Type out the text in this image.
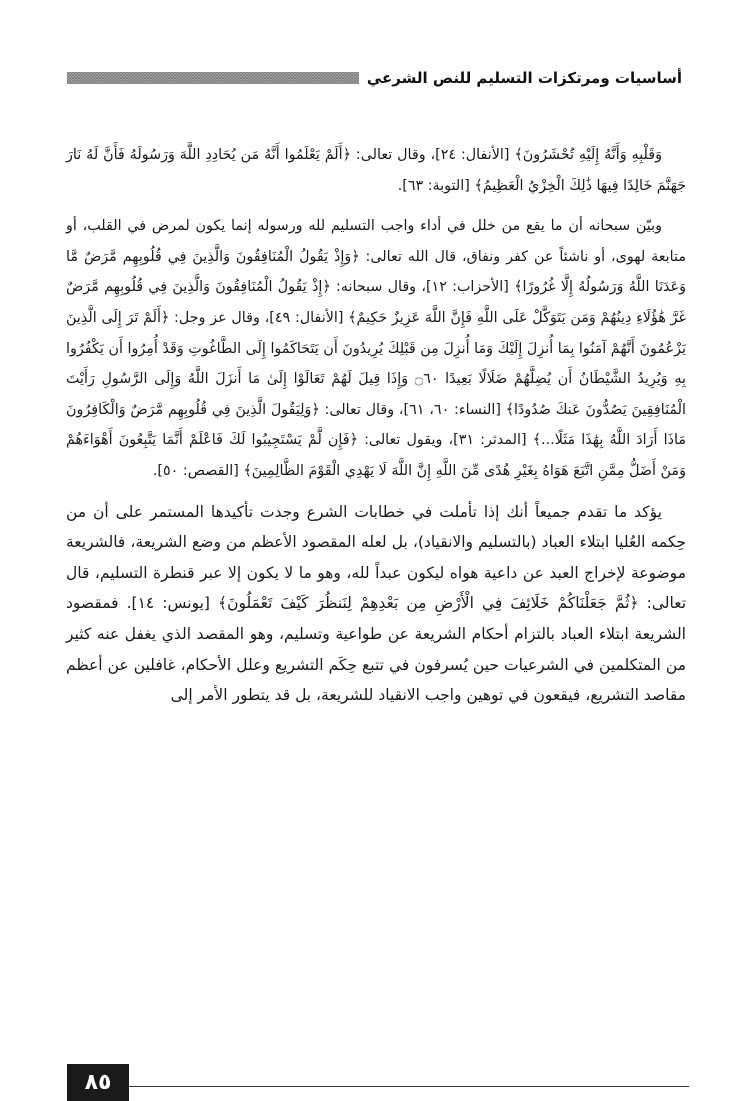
أساسيات ومرتكزات التسليم للنص الشرعي

وَقَلْبِهِ وَأَنَّهُ إِلَيْهِ تُحْشَرُونَ﴾ [الأنفال: ٢٤]، وقال تعالى: ﴿أَلَمْ يَعْلَمُوا أَنَّهُ مَن يُحَادِدِ اللَّهَ وَرَسُولَهُ فَأَنَّ لَهُ نَارَ جَهَنَّمَ خَالِدًا فِيهَا ذَٰلِكَ الْخِزْيُ الْعَظِيمُ﴾ [التوبة: ٦٣].

وبيّن سبحانه أن ما يقع من خلل في أداء واجب التسليم لله ورسوله إنما يكون لمرض في القلب، أو متابعة لهوى، أو ناشئاً عن كفر ونفاق، قال الله تعالى: ﴿وَإِذْ يَقُولُ الْمُنَافِقُونَ وَالَّذِينَ فِي قُلُوبِهِم مَّرَضٌ مَّا وَعَدَنَا اللَّهُ وَرَسُولُهُ إِلَّا غُرُورًا﴾ [الأحزاب: ١٢]، وقال سبحانه: ﴿إِذْ يَقُولُ الْمُنَافِقُونَ وَالَّذِينَ فِي قُلُوبِهِم مَّرَضٌ غَرَّ هَٰؤُلَاءِ دِينُهُمْ وَمَن يَتَوَكَّلْ عَلَى اللَّهِ فَإِنَّ اللَّهَ عَزِيزٌ حَكِيمٌ﴾ [الأنفال: ٤٩]، وقال عز وجل: ﴿أَلَمْ تَرَ إِلَى الَّذِينَ يَزْعُمُونَ أَنَّهُمْ آمَنُوا بِمَا أُنزِلَ إِلَيْكَ وَمَا أُنزِلَ مِن قَبْلِكَ يُرِيدُونَ أَن يَتَحَاكَمُوا إِلَى الطَّاغُوتِ وَقَدْ أُمِرُوا أَن يَكْفُرُوا بِهِ وَيُرِيدُ الشَّيْطَانُ أَن يُضِلَّهُمْ ضَلَالًا بَعِيدًا ۝٦٠ وَإِذَا قِيلَ لَهُمْ تَعَالَوْا إِلَىٰ مَا أَنزَلَ اللَّهُ وَإِلَى الرَّسُولِ رَأَيْتَ الْمُنَافِقِينَ يَصُدُّونَ عَنكَ صُدُودًا﴾ [النساء: ٦٠، ٦١]، وقال تعالى: ﴿وَلِيَقُولَ الَّذِينَ فِي قُلُوبِهِم مَّرَضٌ وَالْكَافِرُونَ مَاذَا أَرَادَ اللَّهُ بِهَٰذَا مَثَلًا...﴾ [المدثر: ٣١]، ويقول تعالى: ﴿فَإِن لَّمْ يَسْتَجِيبُوا لَكَ فَاعْلَمْ أَنَّمَا يَتَّبِعُونَ أَهْوَاءَهُمْ وَمَنْ أَضَلُّ مِمَّنِ اتَّبَعَ هَوَاهُ بِغَيْرِ هُدًى مِّنَ اللَّهِ إِنَّ اللَّهَ لَا يَهْدِي الْقَوْمَ الظَّالِمِينَ﴾ [القصص: ٥٠].

يؤكد ما تقدم جميعاً أنك إذا تأملت في خطابات الشرع وجدت تأكيدها المستمر على أن من حِكمه العُليا ابتلاء العباد (بالتسليم والانقياد)، بل لعله المقصود الأعظم من وضع الشريعة، فالشريعة موضوعة لإخراج العبد عن داعية هواه ليكون عبداً لله، وهو ما لا يكون إلا عبر قنطرة التسليم، قال تعالى: ﴿ثُمَّ جَعَلْنَاكُمْ خَلَائِفَ فِي الْأَرْضِ مِن بَعْدِهِمْ لِنَنظُرَ كَيْفَ تَعْمَلُونَ﴾ [يونس: ١٤]. فمقصود الشريعة ابتلاء العباد بالتزام أحكام الشريعة عن طواعية وتسليم، وهو المقصد الذي يغفل عنه كثير من المتكلمين في الشرعيات حين يُسرفون في تتبع حِكَم التشريع وعلل الأحكام، غافلين عن أعظم مقاصد التشريع، فيقعون في توهين واجب الانقياد للشريعة، بل قد يتطور الأمر إلى

٨٥
